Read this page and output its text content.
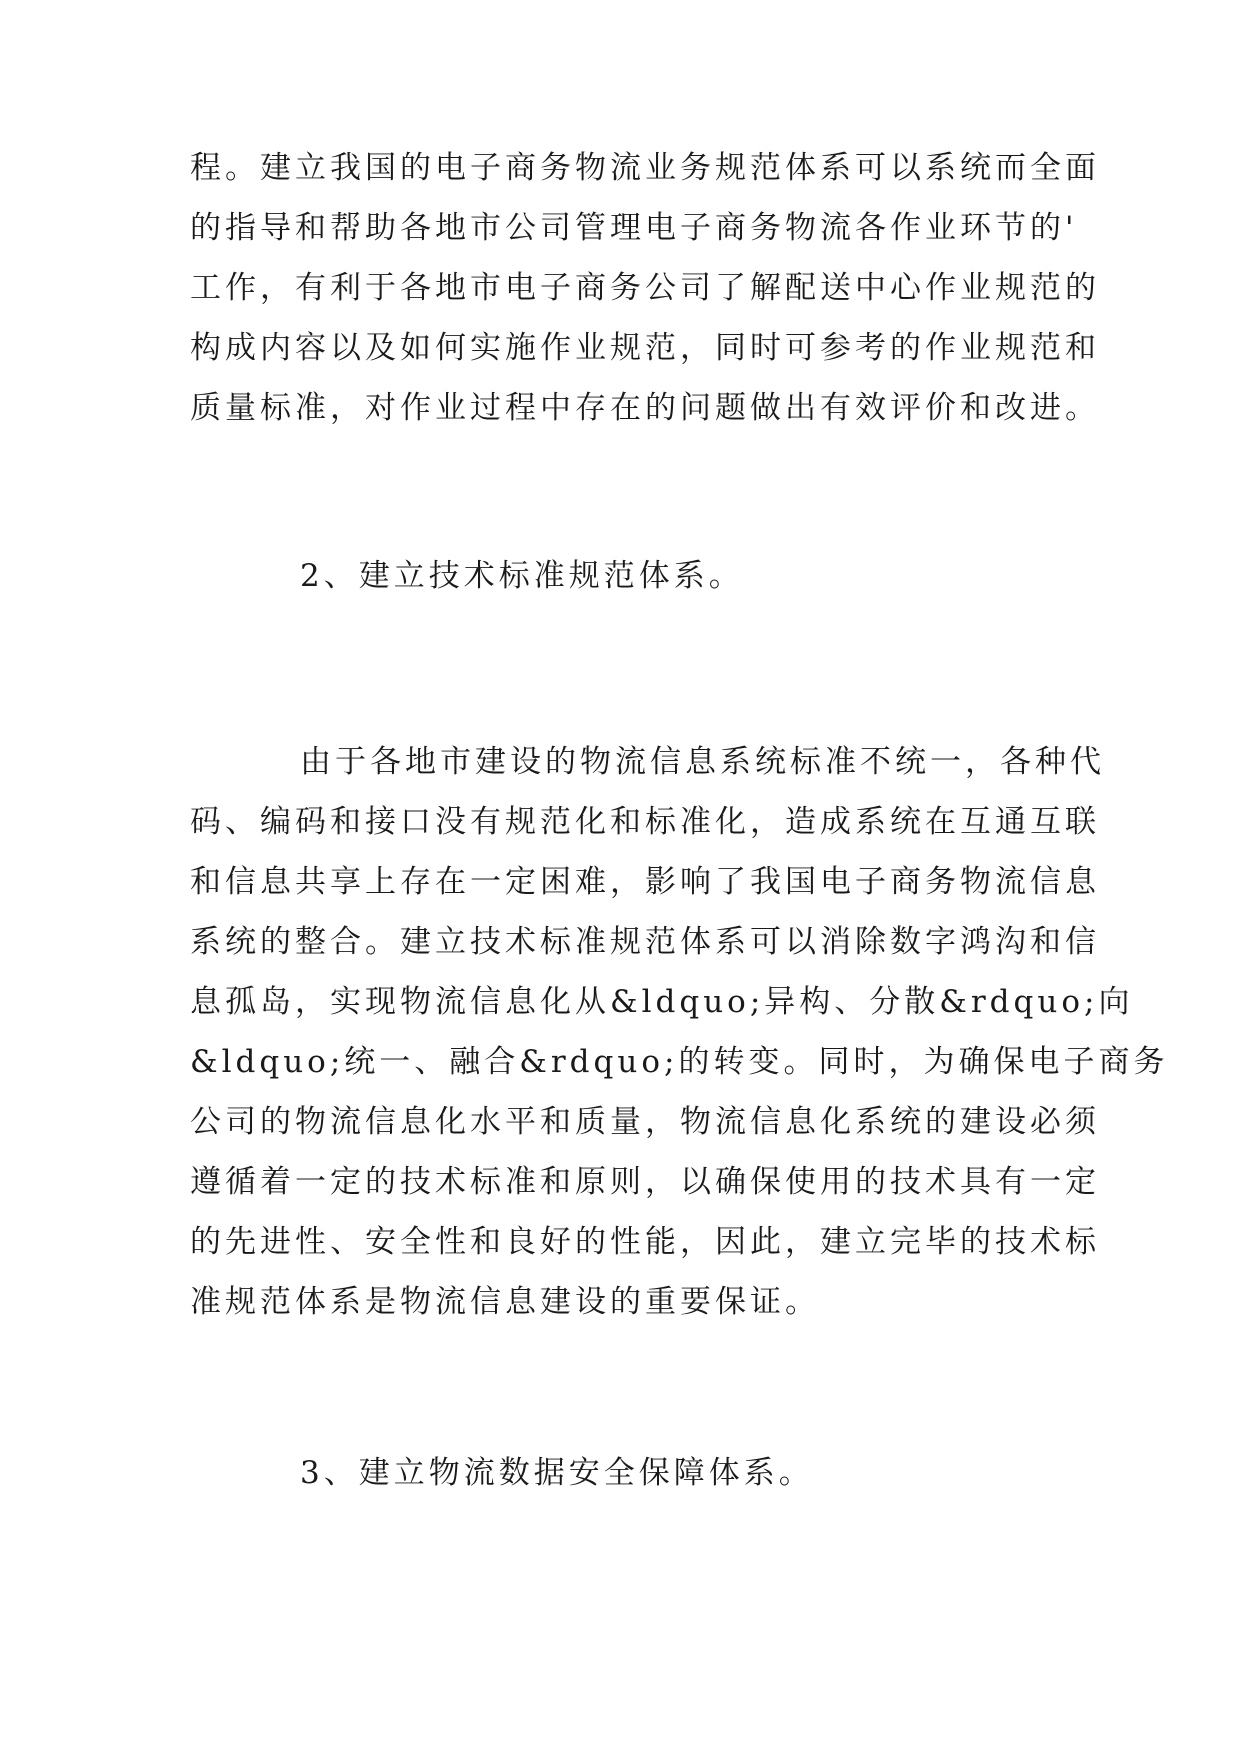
程。建立我国的电子商务物流业务规范体系可以系统而全面
的指导和帮助各地市公司管理电子商务物流各作业环节的'
工作，有利于各地市电子商务公司了解配送中心作业规范的
构成内容以及如何实施作业规范，同时可参考的作业规范和
质量标准，对作业过程中存在的问题做出有效评价和改进。
2、建立技术标准规范体系。
由于各地市建设的物流信息系统标准不统一，各种代
码、编码和接口没有规范化和标准化，造成系统在互通互联
和信息共享上存在一定困难，影响了我国电子商务物流信息
系统的整合。建立技术标准规范体系可以消除数字鸿沟和信
息孤岛，实现物流信息化从&ldquo;异构、分散&rdquo;向
&ldquo;统一、融合&rdquo;的转变。同时，为确保电子商务
公司的物流信息化水平和质量，物流信息化系统的建设必须
遵循着一定的技术标准和原则，以确保使用的技术具有一定
的先进性、安全性和良好的性能，因此，建立完毕的技术标
准规范体系是物流信息建设的重要保证。
3、建立物流数据安全保障体系。
